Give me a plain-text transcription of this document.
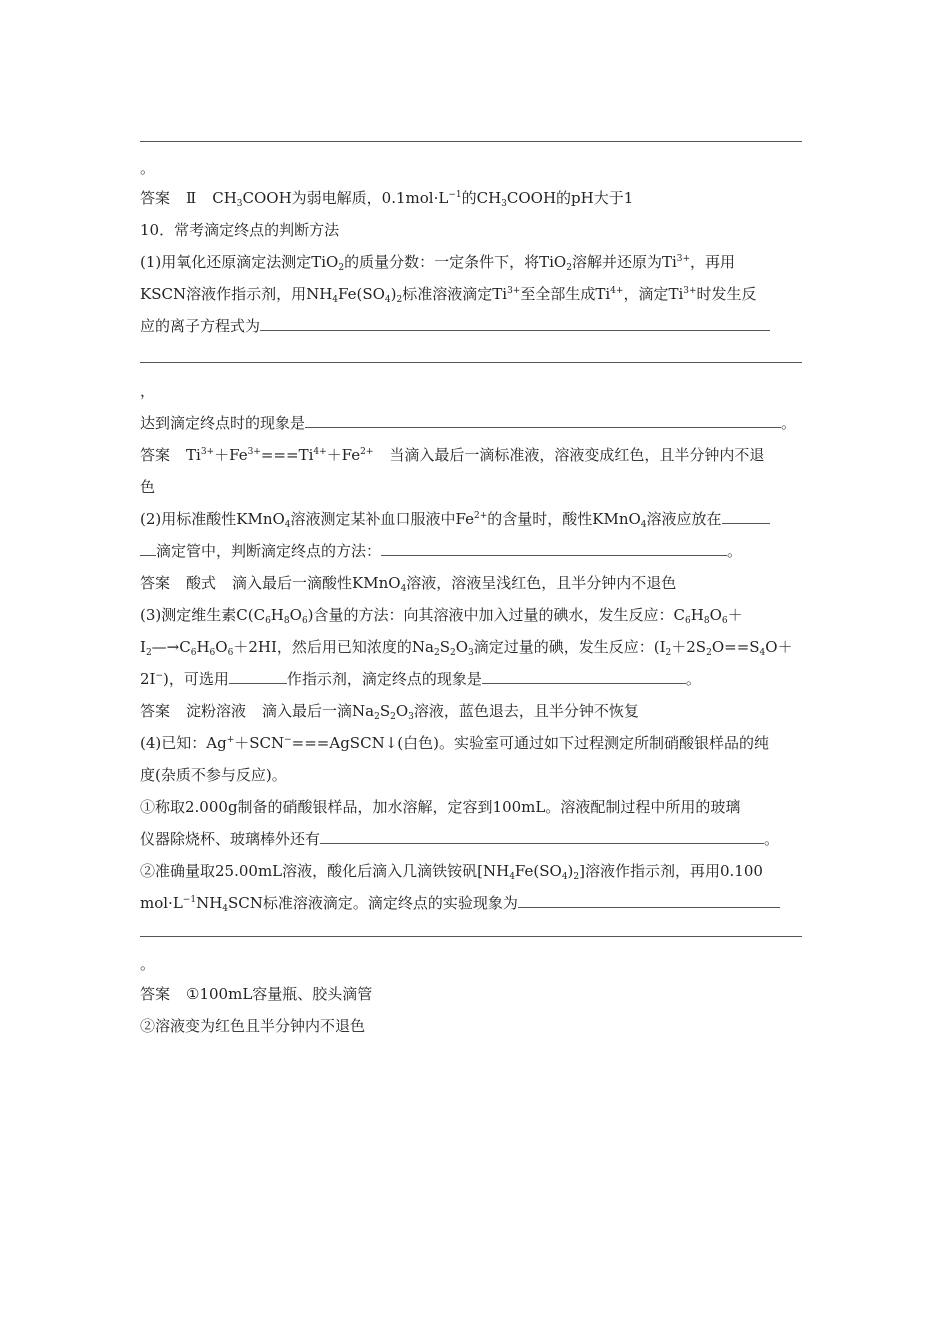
。
答案 Ⅱ $CH_3COOH$为弱电解质，$0.1mol\cdot L^{-1}$的$CH_3COOH$的pH大于1
10．常考滴定终点的判断方法
(1)用氧化还原滴定法测定TiO$_2$的质量分数：一定条件下，将TiO$_2$溶解并还原为$Ti^{3+}$，再用
KSCN溶液作指示剂，用$NH_4Fe(SO_4)_2$标准溶液滴定$Ti^{3+}$至全部生成$Ti^{4+}$，滴定$Ti^{3+}$时发生反
应的离子方程式为
，
达到滴定终点时的现象是	。
答案 $Ti^{3+}+Fe^{3+}===Ti^{4+}+Fe^{2+}$ 当滴入最后一滴标准液，溶液变成红色，且半分钟内不退
色
(2)用标准酸性KMnO$_4$溶液测定某补血口服液中$Fe^{2+}$的含量时，酸性KMnO$_4$溶液应放在
滴定管中，判断滴定终点的方法：	。
答案 酸式 滴入最后一滴酸性KMnO$_4$溶液，溶液呈浅红色，且半分钟内不退色
(3)测定维生素$C(C_6H_8O_6)$含量的方法：向其溶液中加入过量的碘水，发生反应：$C_6H_8O_6+$
$I_2—\to C_6H_6O_6+2HI$，然后用已知浓度的$Na_2S_2O_3$滴定过量的碘，发生反应：($I_2+2S_2O==S_4O+$
2I−)，可选用	作指示剂，滴定终点的现象是	。
答案 淀粉溶液 滴入最后一滴$Na_2S_2O_3$溶液，蓝色退去，且半分钟不恢复
(4)已知：Ag+＋SCN−===AgSCN↓(白色)。实验室可通过如下过程测定所制硝酸银样品的纯
度(杂质不参与反应)。
①称取2.000g制备的硝酸银样品，加水溶解，定容到100mL。溶液配制过程中所用的玻璃
仪器除烧杯、玻璃棒外还有	。
②准确量取25.00mL溶液，酸化后滴入几滴铁铵矾$[NH_4Fe(SO_4)_2]$溶液作指示剂，再用0.100
$mol\cdot L^{-1}NH_4SCN$标准溶液滴定。滴定终点的实验现象为
。
答案 ①100mL容量瓶、胶头滴管
②溶液变为红色且半分钟内不退色
